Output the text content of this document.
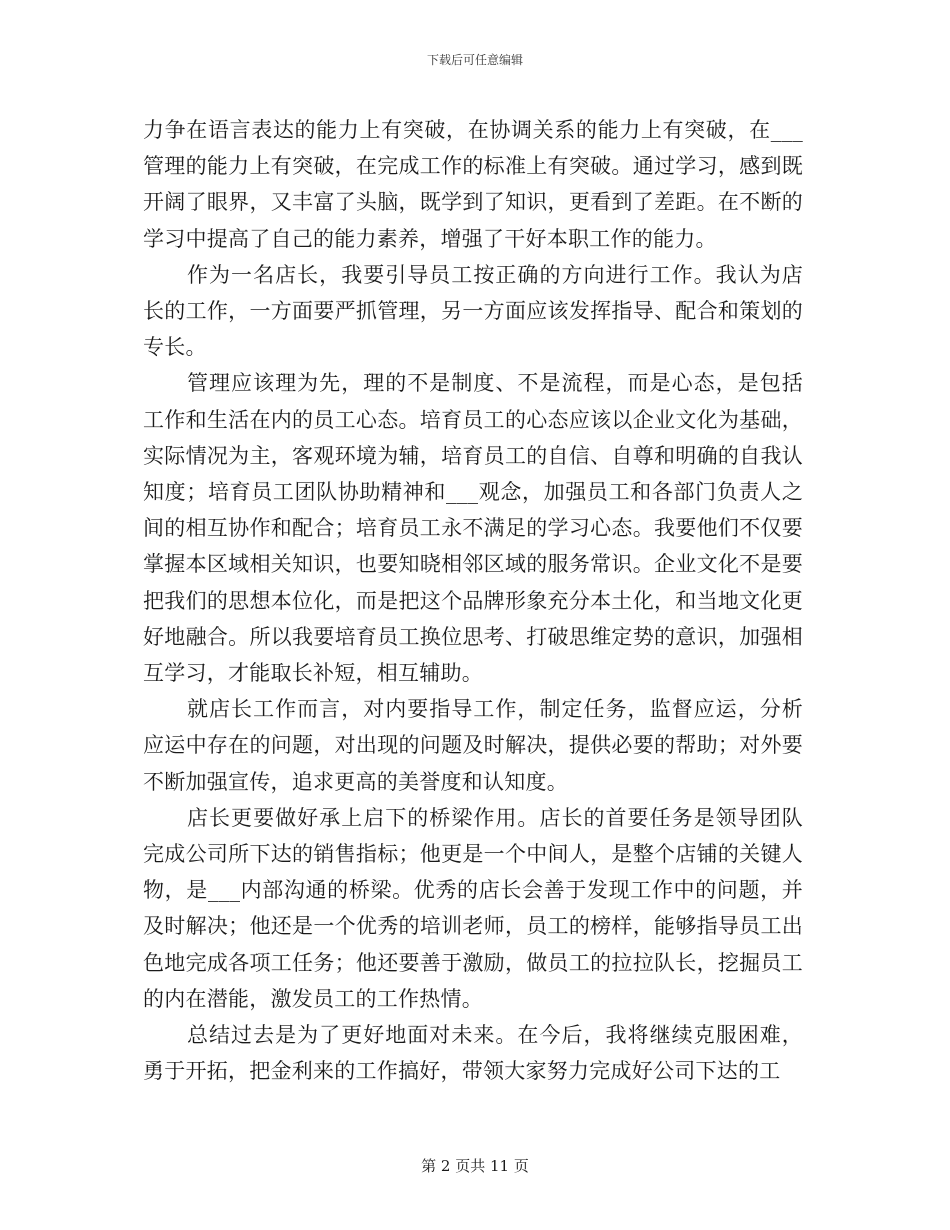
下载后可任意编辑

力争在语言表达的能力上有突破，在协调关系的能力上有突破，在___管理的能力上有突破，在完成工作的标准上有突破。通过学习，感到既开阔了眼界，又丰富了头脑，既学到了知识，更看到了差距。在不断的学习中提高了自己的能力素养，增强了干好本职工作的能力。

作为一名店长，我要引导员工按正确的方向进行工作。我认为店长的工作，一方面要严抓管理，另一方面应该发挥指导、配合和策划的专长。

管理应该理为先，理的不是制度、不是流程，而是心态，是包括工作和生活在内的员工心态。培育员工的心态应该以企业文化为基础，实际情况为主，客观环境为辅，培育员工的自信、自尊和明确的自我认知度；培育员工团队协助精神和___观念，加强员工和各部门负责人之间的相互协作和配合；培育员工永不满足的学习心态。我要他们不仅要掌握本区域相关知识，也要知晓相邻区域的服务常识。企业文化不是要把我们的思想本位化，而是把这个品牌形象充分本土化，和当地文化更好地融合。所以我要培育员工换位思考、打破思维定势的意识，加强相互学习，才能取长补短，相互辅助。

就店长工作而言，对内要指导工作，制定任务，监督应运，分析应运中存在的问题，对出现的问题及时解决，提供必要的帮助；对外要不断加强宣传，追求更高的美誉度和认知度。

店长更要做好承上启下的桥梁作用。店长的首要任务是领导团队完成公司所下达的销售指标；他更是一个中间人，是整个店铺的关键人物，是___内部沟通的桥梁。优秀的店长会善于发现工作中的问题，并及时解决；他还是一个优秀的培训老师，员工的榜样，能够指导员工出色地完成各项工任务；他还要善于激励，做员工的拉拉队长，挖掘员工的内在潜能，激发员工的工作热情。

总结过去是为了更好地面对未来。在今后，我将继续克服困难，勇于开拓，把金利来的工作搞好，带领大家努力完成好公司下达的工

第 2 页共 11 页
